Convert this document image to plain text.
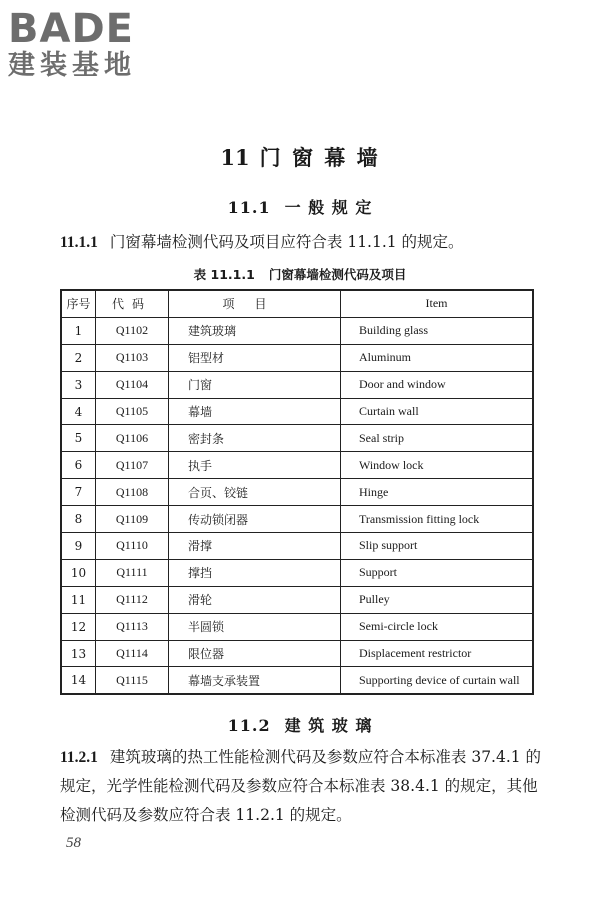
BADE
建装基地
11 门 窗 幕 墙
11.1 一 般 规 定
11.1.1 门窗幕墙检测代码及项目应符合表 11.1.1 的规定。
表 11.1.1 门窗幕墙检测代码及项目
序号	代码	项目	Item
1	Q1102	建筑玻璃	Building glass
2	Q1103	铝型材	Aluminum
3	Q1104	门窗	Door and window
4	Q1105	幕墙	Curtain wall
5	Q1106	密封条	Seal strip
6	Q1107	执手	Window lock
7	Q1108	合页、铰链	Hinge
8	Q1109	传动锁闭器	Transmission fitting lock
9	Q1110	滑撑	Slip support
10	Q1111	撑挡	Support
11	Q1112	滑轮	Pulley
12	Q1113	半圆锁	Semi-circle lock
13	Q1114	限位器	Displacement restrictor
14	Q1115	幕墙支承装置	Supporting device of curtain wall
11.2 建 筑 玻 璃
11.2.1 建筑玻璃的热工性能检测代码及参数应符合本标准表 37.4.1 的规定，光学性能检测代码及参数应符合本标准表 38.4.1 的规定，其他检测代码及参数应符合表 11.2.1 的规定。
58
